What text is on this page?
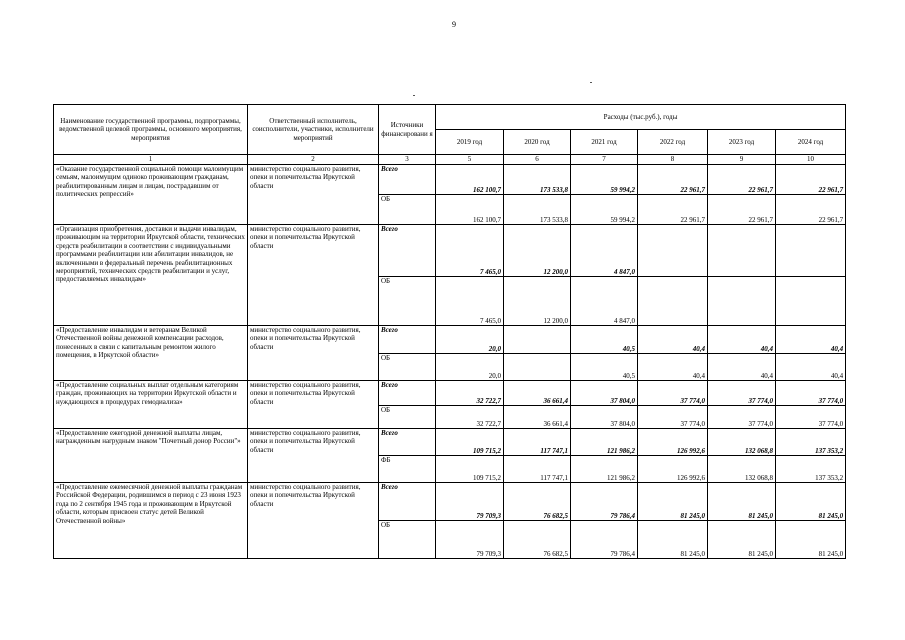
9
Наименование государственной программы, подпрограммы, ведомственной целевой программы, основного мероприятия, мероприятия	Ответственный исполнитель, соисполнители, участники, исполнители мероприятий	Источники финансировани я	Расходы (тыс.руб.), годы					
			2019 год	2020 год	2021 год	2022 год	2023 год	2024 год
1	2	3	5	6	7	8	9	10
«Оказание государственной социальной помощи малоимущим семьям, малоимущим одиноко проживающим гражданам, реабилитированным лицам и лицам, пострадавшим от политических репрессий»	министерство социального развития, опеки и попечительства Иркутской области	Всего	162 100,7	173 533,8	59 994,2	22 961,7	22 961,7	22 961,7
		ОБ	162 100,7	173 533,8	59 994,2	22 961,7	22 961,7	22 961,7
«Организация приобретения, доставки и выдачи инвалидам, проживающим на территории Иркутской области, технических средств реабилитации в соответствии с индивидуальными программами реабилитации или абилитации инвалидов, не включенными в федеральный перечень реабилитационных мероприятий, технических средств реабилитации и услуг, предоставляемых инвалидам»	министерство социального развития, опеки и попечительства Иркутской области	Всего	7 465,0	12 200,0	4 847,0			
		ОБ	7 465,0	12 200,0	4 847,0			
«Предоставление инвалидам и ветеранам Великой Отечественной войны денежной компенсации расходов, понесенных в связи с капитальным ремонтом жилого помещения, в Иркутской области»	министерство социального развития, опеки и попечительства Иркутской области	Всего	20,0		40,5	40,4	40,4	40,4
		ОБ	20,0		40,5	40,4	40,4	40,4
«Предоставление социальных выплат отдельным категориям граждан, проживающих на территории Иркутской области и нуждающихся в процедурах гемодиализа»	министерство социального развития, опеки и попечительства Иркутской области	Всего	32 722,7	36 661,4	37 804,0	37 774,0	37 774,0	37 774,0
		ОБ	32 722,7	36 661,4	37 804,0	37 774,0	37 774,0	37 774,0
«Предоставление ежегодной денежной выплаты лицам, награжденным нагрудным знаком "Почетный донор России"»	министерство социального развития, опеки и попечительства Иркутской области	Всего	109 715,2	117 747,1	121 986,2	126 992,6	132 068,8	137 353,2
		ФБ	109 715,2	117 747,1	121 986,2	126 992,6	132 068,8	137 353,2
«Предоставление ежемесячной денежной выплаты гражданам Российской Федерации, родившимся в период с 23 июня 1923 года по 2 сентября 1945 года и проживающим в Иркутской области, которым присвоен статус детей Великой Отечественной войны»	министерство социального развития, опеки и попечительства Иркутской области	Всего	79 709,3	76 682,5	79 786,4	81 245,0	81 245,0	81 245,0
		ОБ	79 709,3	76 682,5	79 786,4	81 245,0	81 245,0	81 245,0
